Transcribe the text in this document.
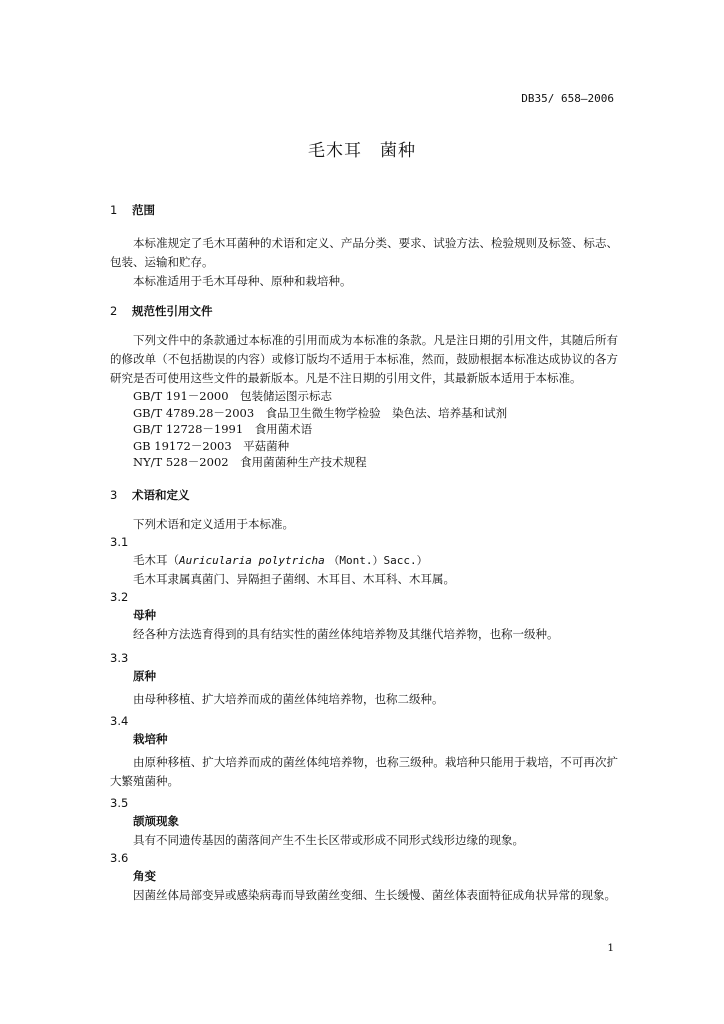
DB35/ 658—2006
毛木耳　菌种
1 范围

本标准规定了毛木耳菌种的术语和定义、产品分类、要求、试验方法、检验规则及标签、标志、包装、运输和贮存。

本标准适用于毛木耳母种、原种和栽培种。

2 规范性引用文件

下列文件中的条款通过本标准的引用而成为本标准的条款。凡是注日期的引用文件，其随后所有的修改单（不包括勘误的内容）或修订版均不适用于本标准，然而，鼓励根据本标准达成协议的各方研究是否可使用这些文件的最新版本。凡是不注日期的引用文件，其最新版本适用于本标准。

GB/T 191－2000　包装储运图示标志

GB/T 4789.28－2003　食品卫生微生物学检验　染色法、培养基和试剂

GB/T 12728－1991　食用菌术语

GB 19172－2003　平菇菌种

NY/T 528－2002　食用菌菌种生产技术规程

3 术语和定义

下列术语和定义适用于本标准。

3.1

毛木耳（Auricularia polytricha （Mont.）Sacc.）

毛木耳隶属真菌门、异隔担子菌纲、木耳目、木耳科、木耳属。

3.2

母种

经各种方法选育得到的具有结实性的菌丝体纯培养物及其继代培养物，也称一级种。

3.3

原种

由母种移植、扩大培养而成的菌丝体纯培养物，也称二级种。

3.4

栽培种

由原种移植、扩大培养而成的菌丝体纯培养物，也称三级种。栽培种只能用于栽培，不可再次扩大繁殖菌种。

3.5

颉颃现象

具有不同遗传基因的菌落间产生不生长区带或形成不同形式线形边缘的现象。

3.6

角变

因菌丝体局部变异或感染病毒而导致菌丝变细、生长缓慢、菌丝体表面特征成角状异常的现象。

1
